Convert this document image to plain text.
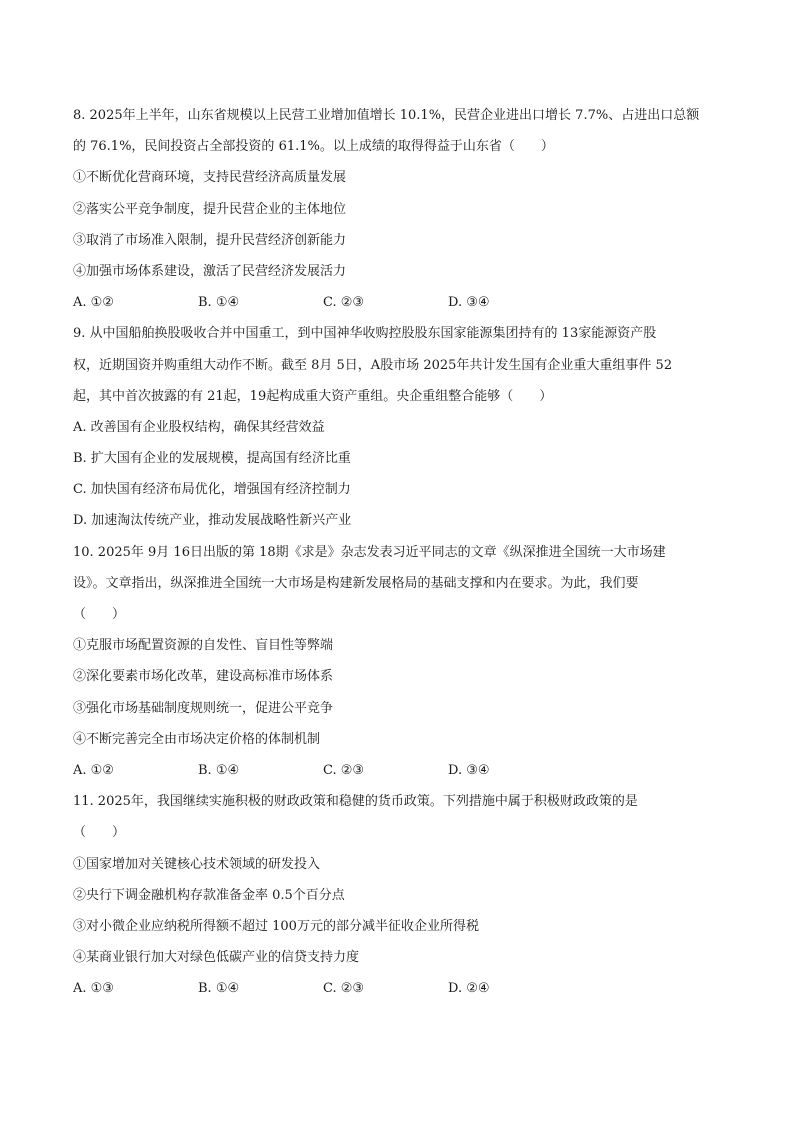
8. 2025年上半年，山东省规模以上民营工业增加值增长 10.1%，民营企业进出口增长 7.7%、占进出口总额
的 76.1%，民间投资占全部投资的 61.1%。以上成绩的取得得益于山东省（　　）
①不断优化营商环境，支持民营经济高质量发展
②落实公平竞争制度，提升民营企业的主体地位
③取消了市场准入限制，提升民营经济创新能力
④加强市场体系建设，激活了民营经济发展活力
A. ①②	B. ①④	C. ②③	D. ③④
9. 从中国船舶换股吸收合并中国重工，到中国神华收购控股股东国家能源集团持有的 13家能源资产股
权，近期国资并购重组大动作不断。截至 8月 5日，A股市场 2025年共计发生国有企业重大重组事件 52
起，其中首次披露的有 21起，19起构成重大资产重组。央企重组整合能够（　　）
A. 改善国有企业股权结构，确保其经营效益
B. 扩大国有企业的发展规模，提高国有经济比重
C. 加快国有经济布局优化，增强国有经济控制力
D. 加速淘汰传统产业，推动发展战略性新兴产业
10. 2025年 9月 16日出版的第 18期《求是》杂志发表习近平同志的文章《纵深推进全国统一大市场建
设》。文章指出，纵深推进全国统一大市场是构建新发展格局的基础支撑和内在要求。为此，我们要
（　　）
①克服市场配置资源的自发性、盲目性等弊端
②深化要素市场化改革，建设高标准市场体系
③强化市场基础制度规则统一，促进公平竞争
④不断完善完全由市场决定价格的体制机制
A. ①②	B. ①④	C. ②③	D. ③④
11. 2025年，我国继续实施积极的财政政策和稳健的货币政策。下列措施中属于积极财政政策的是
（　　）
①国家增加对关键核心技术领域的研发投入
②央行下调金融机构存款准备金率 0.5个百分点
③对小微企业应纳税所得额不超过 100万元的部分减半征收企业所得税
④某商业银行加大对绿色低碳产业的信贷支持力度
A. ①③	B. ①④	C. ②③	D. ②④
